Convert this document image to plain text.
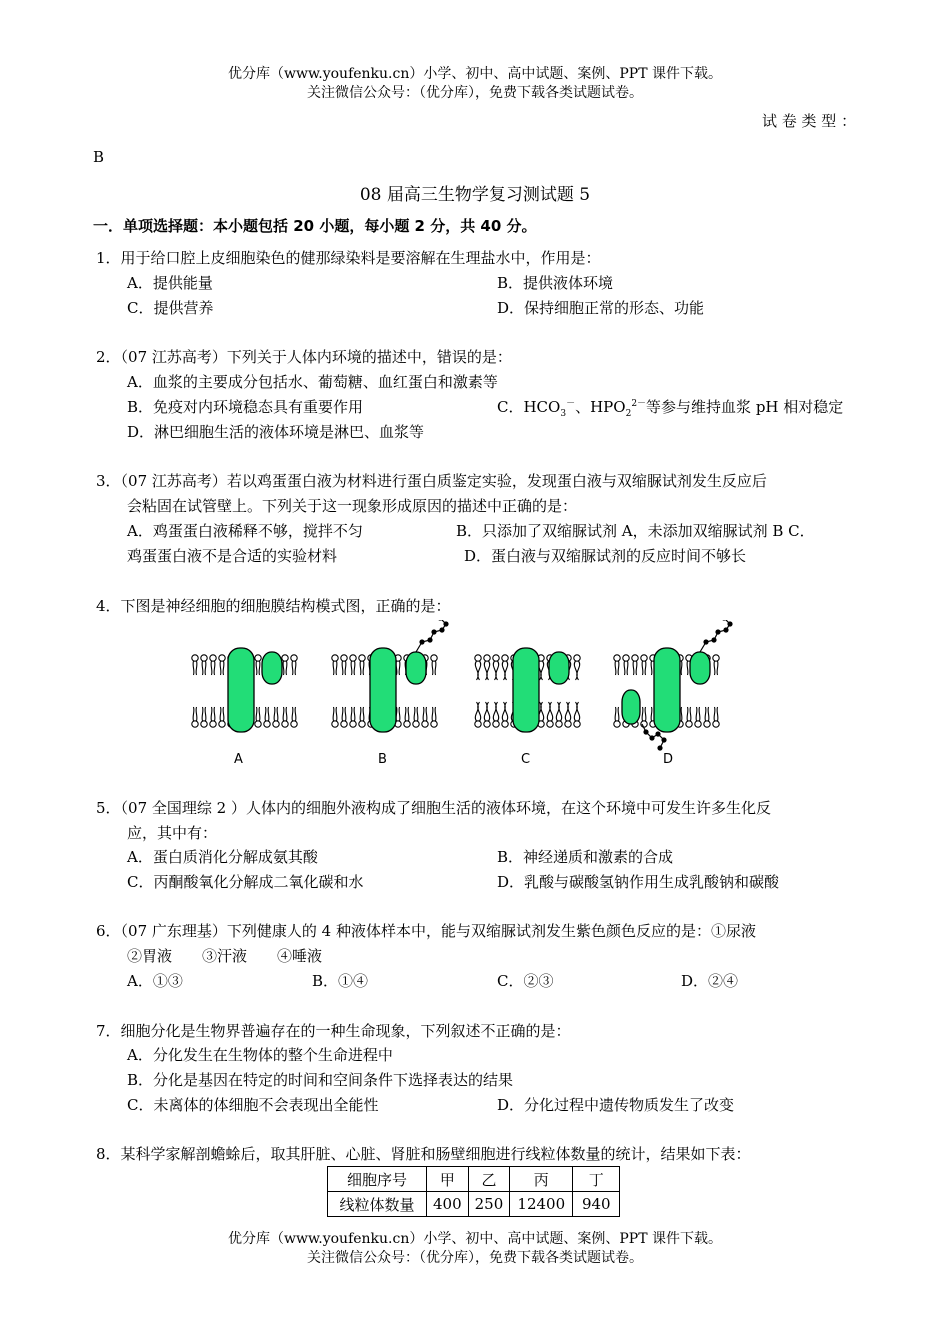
优分库（www.youfenku.cn）小学、初中、高中试题、案例、PPT 课件下载。
关注微信公众号：（优分库），免费下载各类试题试卷。
试 卷 类 型 ：
B
08 届高三生物学复习测试题 5
一．单项选择题：本小题包括 20 小题，每小题 2 分，共 40 分。
1．用于给口腔上皮细胞染色的健那绿染料是要溶解在生理盐水中，作用是：
A．提供能量	B．提供液体环境
C．提供营养	D．保持细胞正常的形态、功能
2．（07 江苏高考）下列关于人体内环境的描述中，错误的是：
A．血浆的主要成分包括水、葡萄糖、血红蛋白和激素等
B．免疫对内环境稳态具有重要作用	C．$HCO_3^-$、$HPO_2^{2-}$等参与维持血浆 pH 相对稳定
D．淋巴细胞生活的液体环境是淋巴、血浆等
3．（07 江苏高考）若以鸡蛋蛋白液为材料进行蛋白质鉴定实验，发现蛋白液与双缩脲试剂发生反应后
会粘固在试管壁上。下列关于这一现象形成原因的描述中正确的是：
A．鸡蛋蛋白液稀释不够，搅拌不匀	B．只添加了双缩脲试剂 A，未添加双缩脲试剂 B C．
鸡蛋蛋白液不是合适的实验材料	D．蛋白液与双缩脲试剂的反应时间不够长
4．下图是神经细胞的细胞膜结构模式图，正确的是：
A	B	C	D
5．（07 全国理综 2 ）人体内的细胞外液构成了细胞生活的液体环境，在这个环境中可发生许多生化反
应，其中有：
A．蛋白质消化分解成氨其酸	B．神经递质和激素的合成
C．丙酮酸氧化分解成二氧化碳和水	D．乳酸与碳酸氢钠作用生成乳酸钠和碳酸
6．（07 广东理基）下列健康人的 4 种液体样本中，能与双缩脲试剂发生紫色颜色反应的是：①尿液
②胃液　　③汗液　　④唾液
A．①③	B．①④	C．②③	D．②④
7．细胞分化是生物界普遍存在的一种生命现象，下列叙述不正确的是：
A．分化发生在生物体的整个生命进程中
B．分化是基因在特定的时间和空间条件下选择表达的结果
C．未离体的体细胞不会表现出全能性	D．分化过程中遗传物质发生了改变
8．某科学家解剖蟾蜍后，取其肝脏、心脏、肾脏和肠壁细胞进行线粒体数量的统计，结果如下表：
细胞序号	甲	乙	丙	丁
线粒体数量	400	250	12400	940
优分库（www.youfenku.cn）小学、初中、高中试题、案例、PPT 课件下载。
关注微信公众号：（优分库），免费下载各类试题试卷。
